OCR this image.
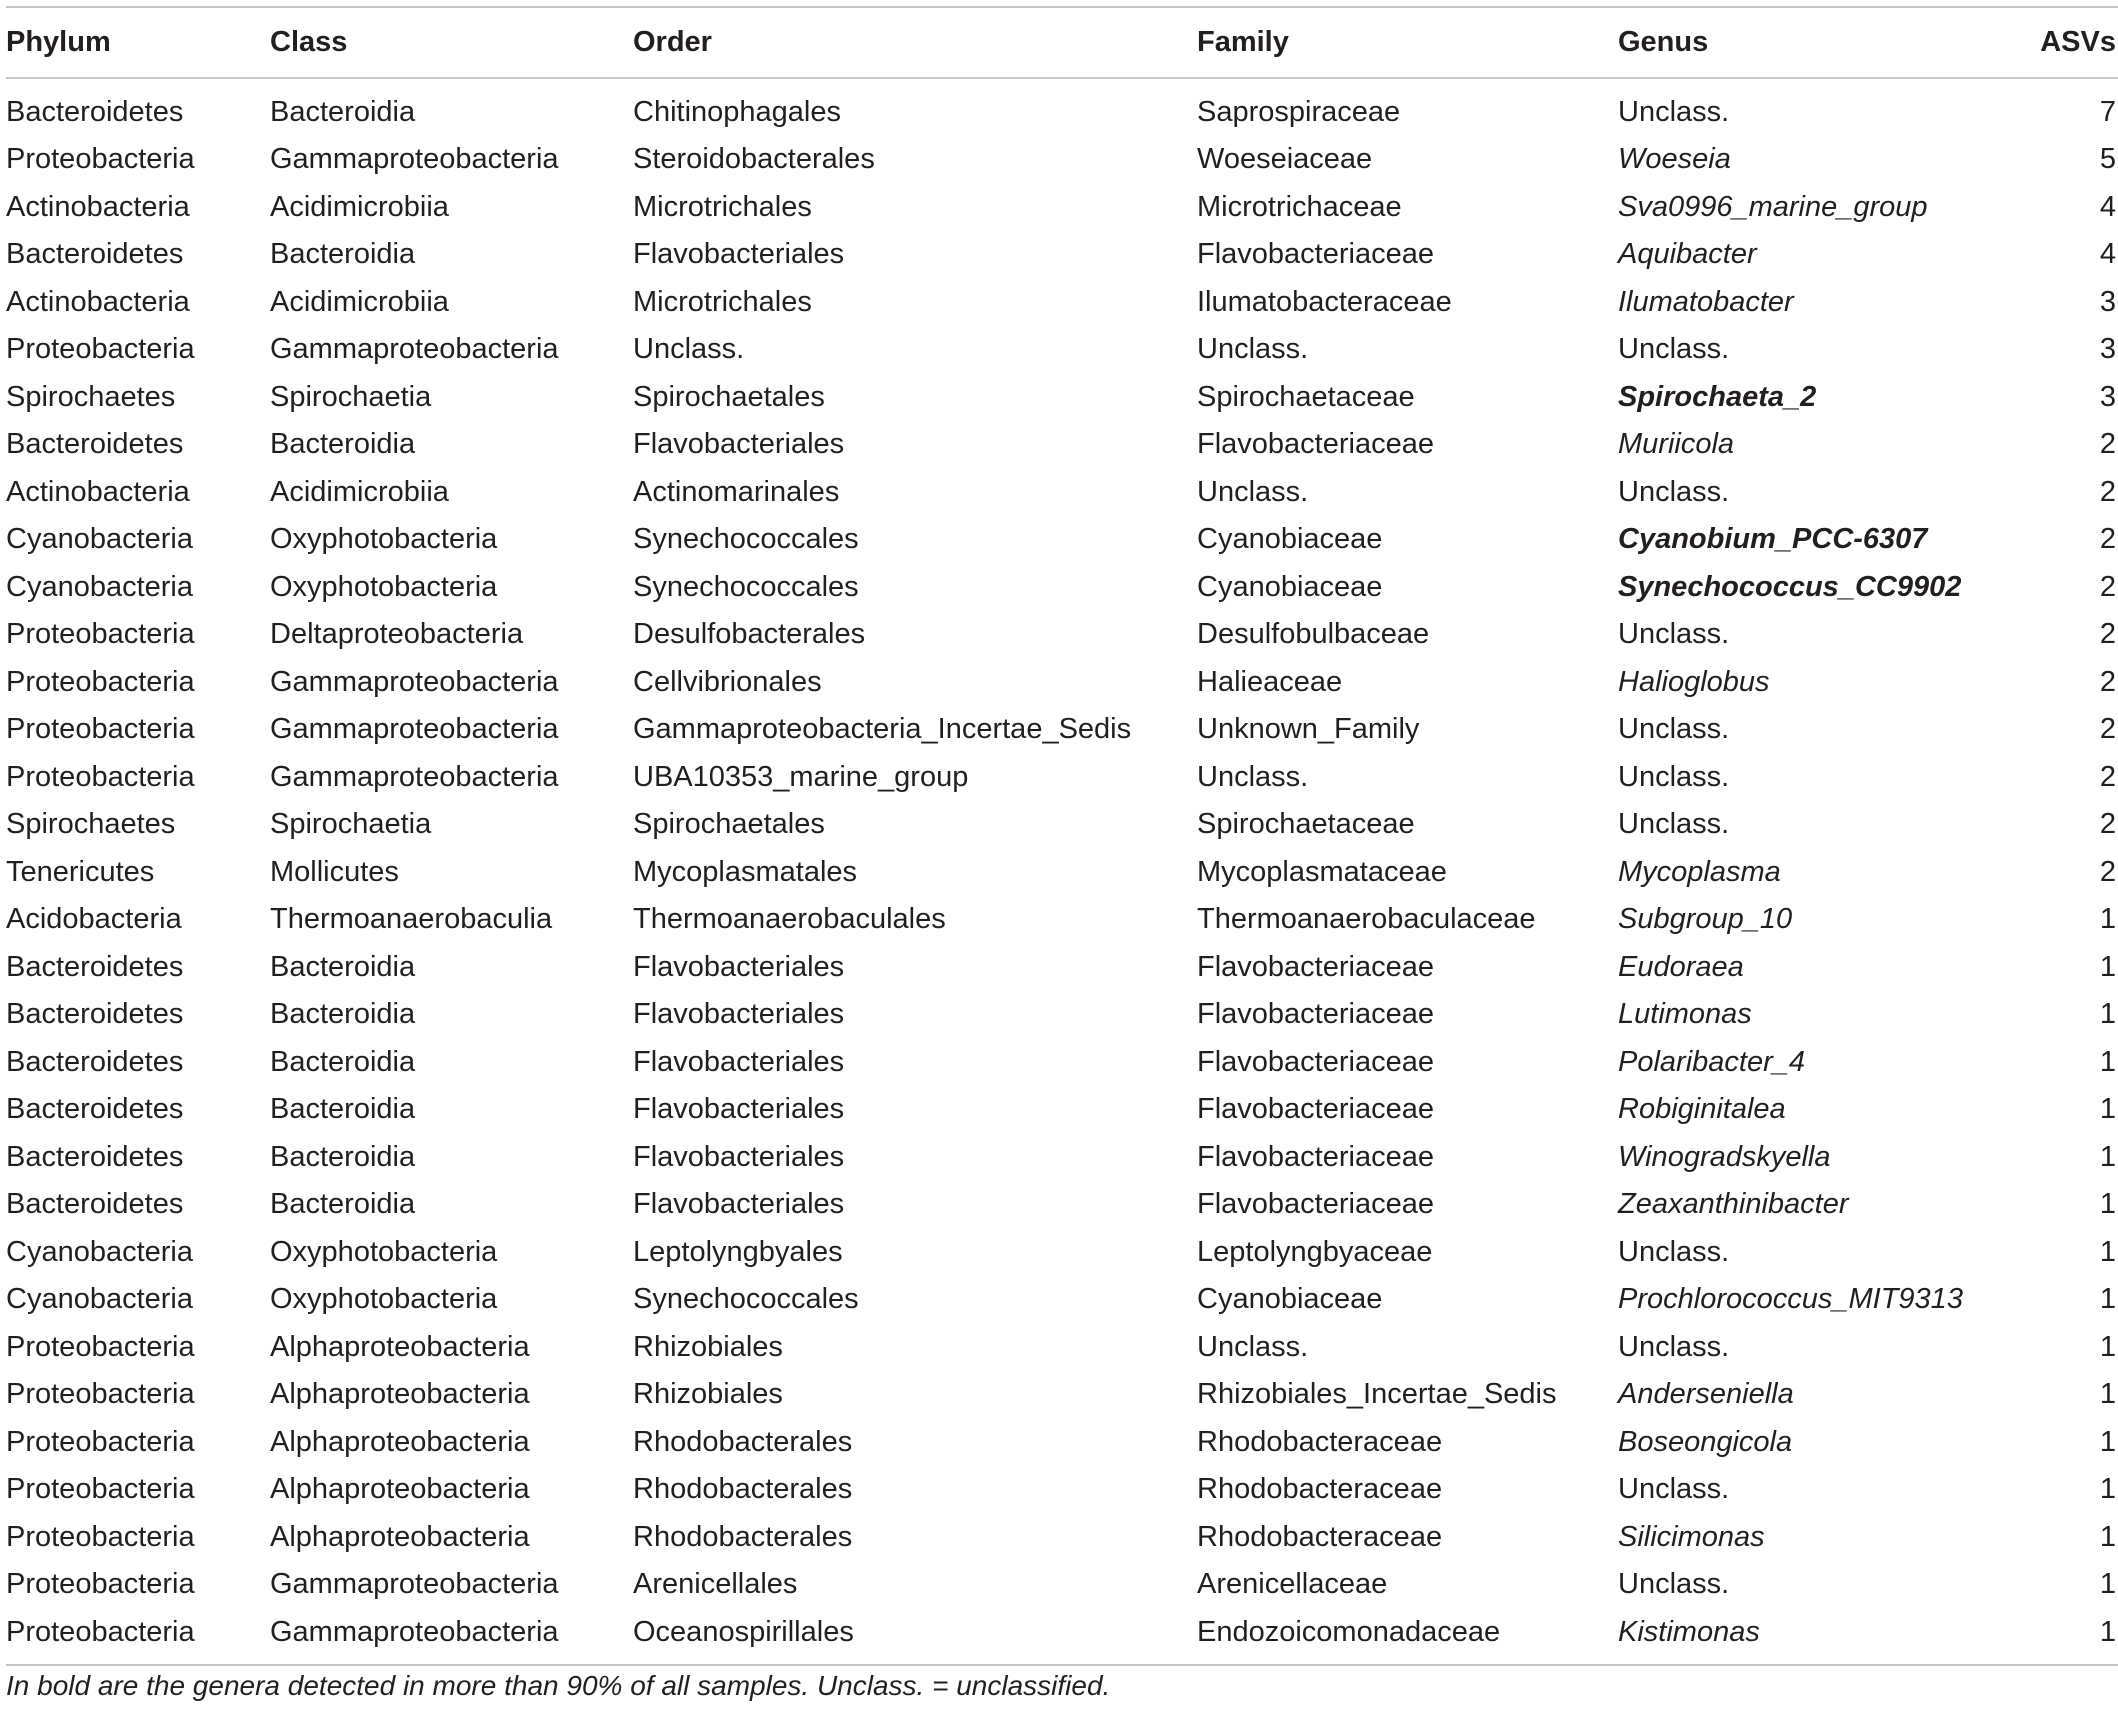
Phylum	Class	Order	Family	Genus	ASVs
Bacteroidetes	Bacteroidia	Chitinophagales	Saprospiraceae	Unclass.	7
Proteobacteria	Gammaproteobacteria	Steroidobacterales	Woeseiaceae	Woeseia	5
Actinobacteria	Acidimicrobiia	Microtrichales	Microtrichaceae	Sva0996_marine_group	4
Bacteroidetes	Bacteroidia	Flavobacteriales	Flavobacteriaceae	Aquibacter	4
Actinobacteria	Acidimicrobiia	Microtrichales	Ilumatobacteraceae	Ilumatobacter	3
Proteobacteria	Gammaproteobacteria	Unclass.	Unclass.	Unclass.	3
Spirochaetes	Spirochaetia	Spirochaetales	Spirochaetaceae	Spirochaeta_2	3
Bacteroidetes	Bacteroidia	Flavobacteriales	Flavobacteriaceae	Muriicola	2
Actinobacteria	Acidimicrobiia	Actinomarinales	Unclass.	Unclass.	2
Cyanobacteria	Oxyphotobacteria	Synechococcales	Cyanobiaceae	Cyanobium_PCC-6307	2
Cyanobacteria	Oxyphotobacteria	Synechococcales	Cyanobiaceae	Synechococcus_CC9902	2
Proteobacteria	Deltaproteobacteria	Desulfobacterales	Desulfobulbaceae	Unclass.	2
Proteobacteria	Gammaproteobacteria	Cellvibrionales	Halieaceae	Halioglobus	2
Proteobacteria	Gammaproteobacteria	Gammaproteobacteria_Incertae_Sedis	Unknown_Family	Unclass.	2
Proteobacteria	Gammaproteobacteria	UBA10353_marine_group	Unclass.	Unclass.	2
Spirochaetes	Spirochaetia	Spirochaetales	Spirochaetaceae	Unclass.	2
Tenericutes	Mollicutes	Mycoplasmatales	Mycoplasmataceae	Mycoplasma	2
Acidobacteria	Thermoanaerobaculia	Thermoanaerobaculales	Thermoanaerobaculaceae	Subgroup_10	1
Bacteroidetes	Bacteroidia	Flavobacteriales	Flavobacteriaceae	Eudoraea	1
Bacteroidetes	Bacteroidia	Flavobacteriales	Flavobacteriaceae	Lutimonas	1
Bacteroidetes	Bacteroidia	Flavobacteriales	Flavobacteriaceae	Polaribacter_4	1
Bacteroidetes	Bacteroidia	Flavobacteriales	Flavobacteriaceae	Robiginitalea	1
Bacteroidetes	Bacteroidia	Flavobacteriales	Flavobacteriaceae	Winogradskyella	1
Bacteroidetes	Bacteroidia	Flavobacteriales	Flavobacteriaceae	Zeaxanthinibacter	1
Cyanobacteria	Oxyphotobacteria	Leptolyngbyales	Leptolyngbyaceae	Unclass.	1
Cyanobacteria	Oxyphotobacteria	Synechococcales	Cyanobiaceae	Prochlorococcus_MIT9313	1
Proteobacteria	Alphaproteobacteria	Rhizobiales	Unclass.	Unclass.	1
Proteobacteria	Alphaproteobacteria	Rhizobiales	Rhizobiales_Incertae_Sedis	Anderseniella	1
Proteobacteria	Alphaproteobacteria	Rhodobacterales	Rhodobacteraceae	Boseongicola	1
Proteobacteria	Alphaproteobacteria	Rhodobacterales	Rhodobacteraceae	Unclass.	1
Proteobacteria	Alphaproteobacteria	Rhodobacterales	Rhodobacteraceae	Silicimonas	1
Proteobacteria	Gammaproteobacteria	Arenicellales	Arenicellaceae	Unclass.	1
Proteobacteria	Gammaproteobacteria	Oceanospirillales	Endozoicomonadaceae	Kistimonas	1
In bold are the genera detected in more than 90% of all samples. Unclass. = unclassified.
